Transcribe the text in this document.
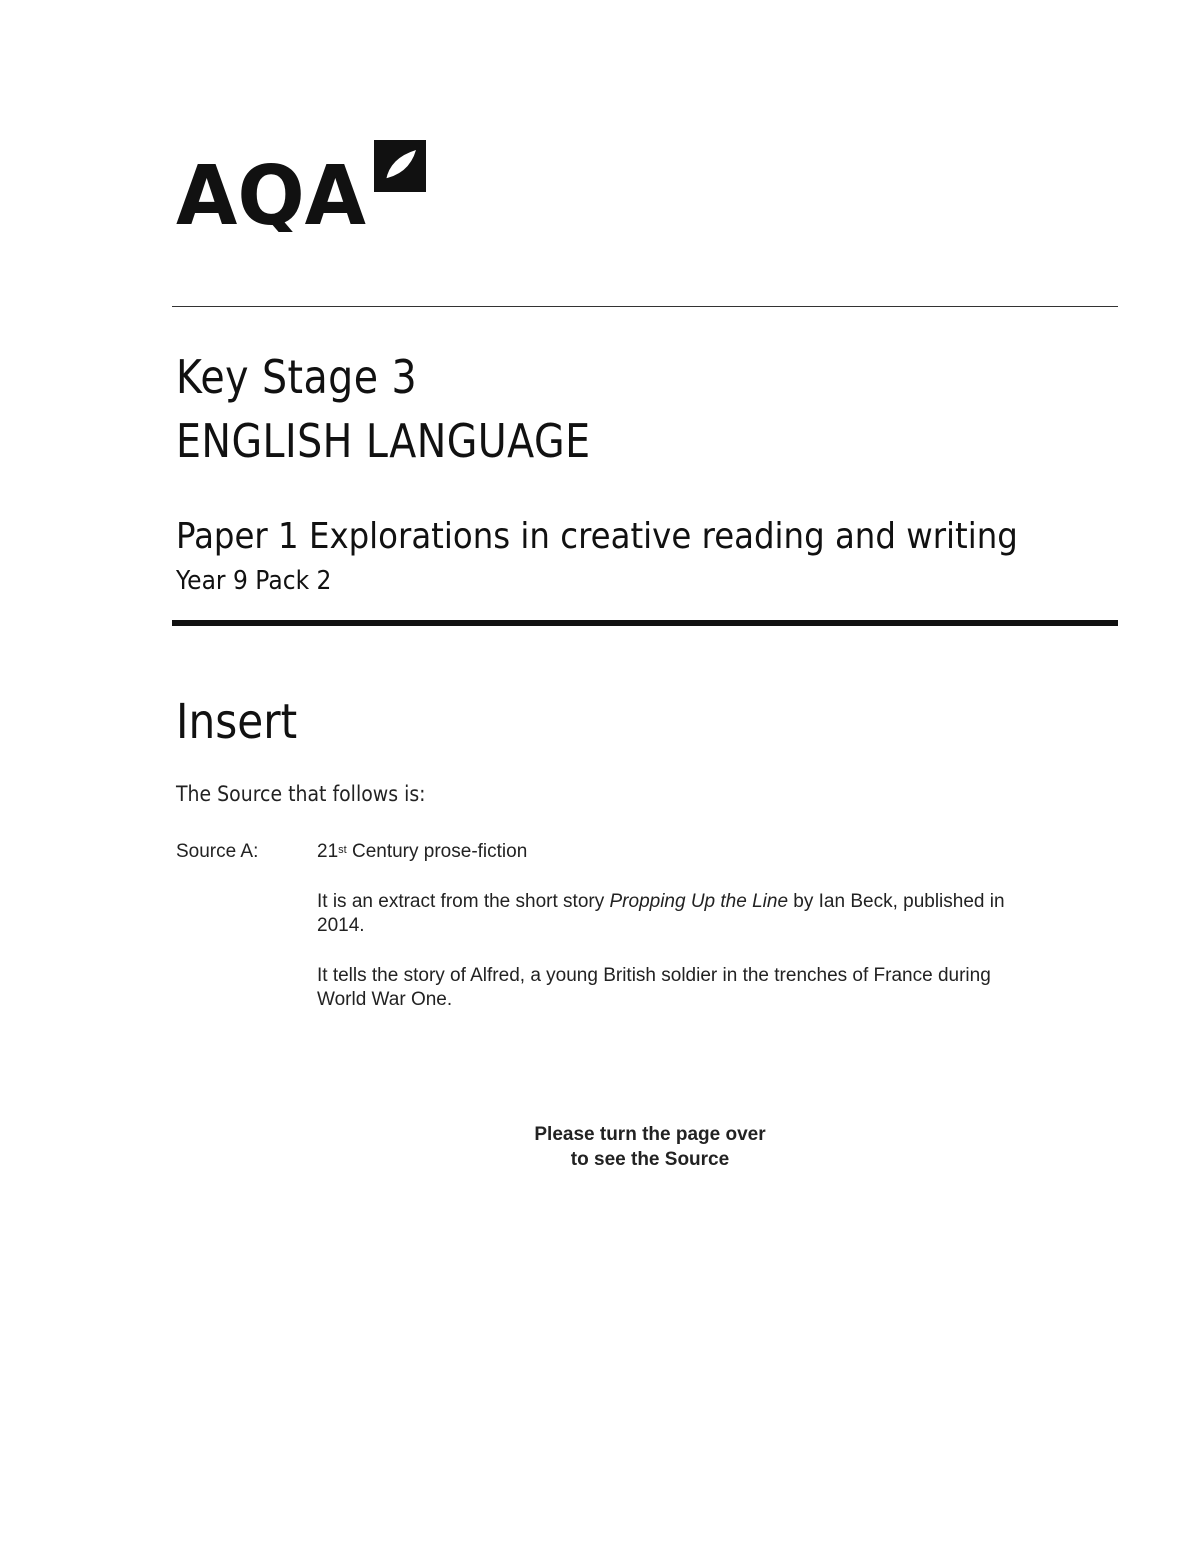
AQA
Key Stage 3
ENGLISH LANGUAGE
Paper 1 Explorations in creative reading and writing
Year 9 Pack 2
Insert

The Source that follows is:

Source A:	21st Century prose-fiction

It is an extract from the short story Propping Up the Line by Ian Beck, published in 2014.

It tells the story of Alfred, a young British soldier in the trenches of France during World War One.

Please turn the page over

to see the Source
